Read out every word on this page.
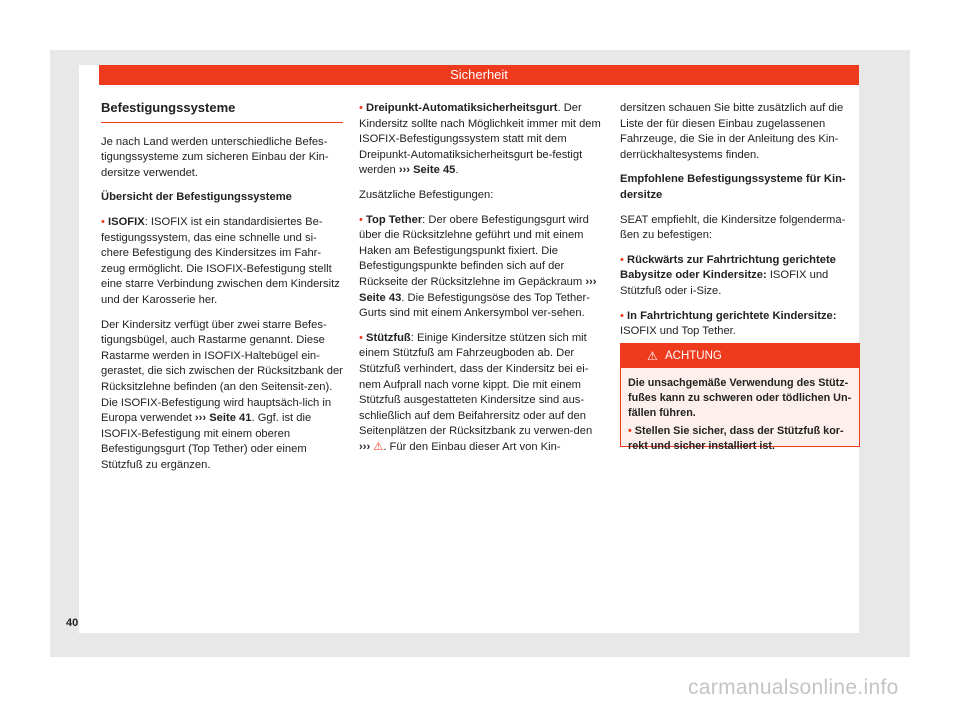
Sicherheit
Befestigungssysteme

Je nach Land werden unterschiedliche Befes-tigungssysteme zum sicheren Einbau der Kin-dersitze verwendet.

Übersicht der Befestigungssysteme

• ISOFIX: ISOFIX ist ein standardisiertes Be-festigungssystem, das eine schnelle und si-chere Befestigung des Kindersitzes im Fahr-zeug ermöglicht. Die ISOFIX-Befestigung stellt eine starre Verbindung zwischen dem Kindersitz und der Karosserie her.

Der Kindersitz verfügt über zwei starre Befes-tigungsbügel, auch Rastarme genannt. Diese Rastarme werden in ISOFIX-Haltebügel ein-gerastet, die sich zwischen der Rücksitzbank der Rücksitzlehne befinden (an den Seitensit-zen). Die ISOFIX-Befestigung wird hauptsäch-lich in Europa verwendet ››› Seite 41. Ggf. ist die ISOFIX-Befestigung mit einem oberen Befestigungsgurt (Top Tether) oder einem Stützfuß zu ergänzen.

• Dreipunkt-Automatiksicherheitsgurt. Der Kindersitz sollte nach Möglichkeit immer mit dem ISOFIX-Befestigungssystem statt mit dem Dreipunkt-Automatiksicherheitsgurt be-festigt werden ››› Seite 45.

Zusätzliche Befestigungen:

• Top Tether: Der obere Befestigungsgurt wird über die Rücksitzlehne geführt und mit einem Haken am Befestigungspunkt fixiert. Die Befestigungspunkte befinden sich auf der Rückseite der Rücksitzlehne im Gepäckraum ››› Seite 43. Die Befestigungsöse des Top Tether-Gurts sind mit einem Ankersymbol ver-sehen.

• Stützfuß: Einige Kindersitze stützen sich mit einem Stützfuß am Fahrzeugboden ab. Der Stützfuß verhindert, dass der Kindersitz bei ei-nem Aufprall nach vorne kippt. Die mit einem Stützfuß ausgestatteten Kindersitze sind aus-schließlich auf dem Beifahrersitz oder auf den Seitenplätzen der Rücksitzbank zu verwen-den ››› ⚠. Für den Einbau dieser Art von Kin-

dersitzen schauen Sie bitte zusätzlich auf die Liste der für diesen Einbau zugelassenen Fahrzeuge, die Sie in der Anleitung des Kin-derrückhaltesystems finden.

Empfohlene Befestigungssysteme für Kin-dersitze

SEAT empfiehlt, die Kindersitze folgenderma-ßen zu befestigen:

• Rückwärts zur Fahrtrichtung gerichtete Babysitze oder Kindersitze: ISOFIX und Stützfuß oder i-Size.

• In Fahrtrichtung gerichtete Kindersitze:
ISOFIX und Top Tether.

⚠ ACHTUNG

Die unsachgemäße Verwendung des Stütz-fußes kann zu schweren oder tödlichen Un-fällen führen.

• Stellen Sie sicher, dass der Stützfuß kor-rekt und sicher installiert ist.

40
carmanualsonline.info
